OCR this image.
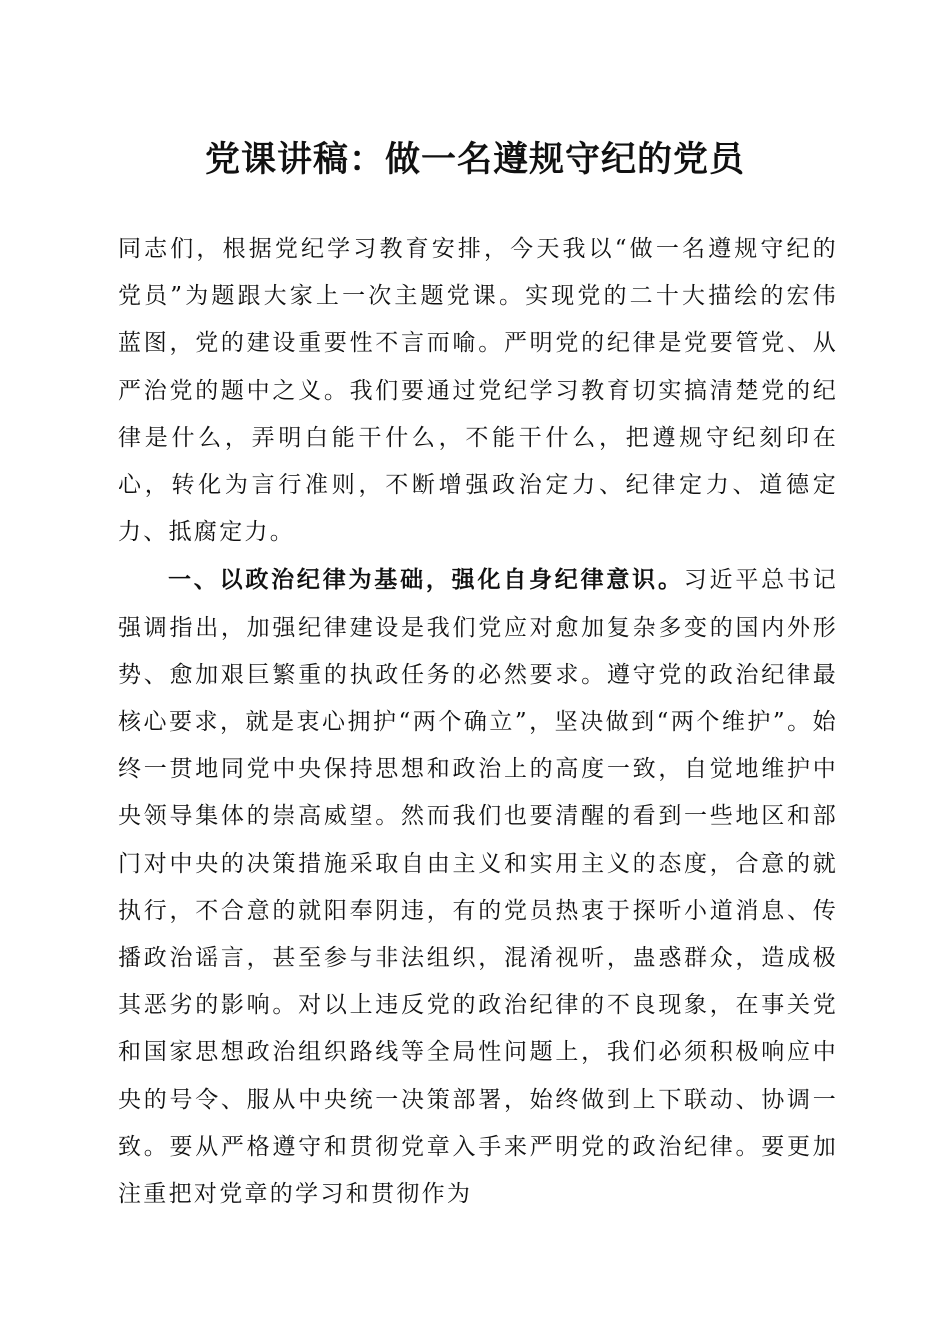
党课讲稿：做一名遵规守纪的党员

同志们，根据党纪学习教育安排，今天我以“做一名遵规守纪的党员”为题跟大家上一次主题党课。实现党的二十大描绘的宏伟蓝图，党的建设重要性不言而喻。严明党的纪律是党要管党、从严治党的题中之义。我们要通过党纪学习教育切实搞清楚党的纪律是什么，弄明白能干什么，不能干什么，把遵规守纪刻印在心，转化为言行准则，不断增强政治定力、纪律定力、道德定力、抵腐定力。

一、以政治纪律为基础，强化自身纪律意识。习近平总书记强调指出，加强纪律建设是我们党应对愈加复杂多变的国内外形势、愈加艰巨繁重的执政任务的必然要求。遵守党的政治纪律最核心要求，就是衷心拥护“两个确立”，坚决做到“两个维护”。始终一贯地同党中央保持思想和政治上的高度一致，自觉地维护中央领导集体的崇高威望。然而我们也要清醒的看到一些地区和部门对中央的决策措施采取自由主义和实用主义的态度，合意的就执行，不合意的就阳奉阴违，有的党员热衷于探听小道消息、传播政治谣言，甚至参与非法组织，混淆视听，蛊惑群众，造成极其恶劣的影响。对以上违反党的政治纪律的不良现象，在事关党和国家思想政治组织路线等全局性问题上，我们必须积极响应中央的号令、服从中央统一决策部署，始终做到上下联动、协调一致。要从严格遵守和贯彻党章入手来严明党的政治纪律。要更加注重把对党章的学习和贯彻作为
